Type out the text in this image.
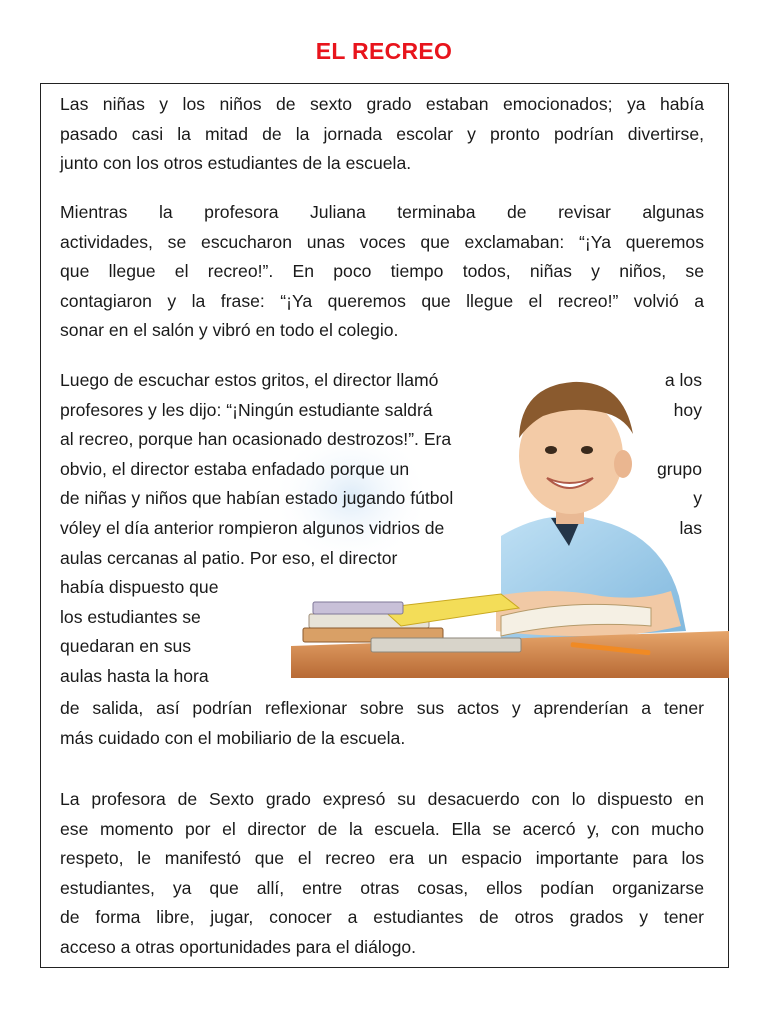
EL RECREO
Las niñas y los niños de sexto grado estaban emocionados; ya había
pasado casi la mitad de la jornada escolar y pronto podrían divertirse,
junto con los otros estudiantes de la escuela.
Mientras la profesora Juliana terminaba de revisar algunas
actividades, se escucharon unas voces que exclamaban: “¡Ya queremos
que llegue el recreo!”. En poco tiempo todos, niñas y niños, se
contagiaron y la frase: “¡Ya queremos que llegue el recreo!” volvió a
sonar en el salón y vibró en todo el colegio.
Luego de escuchar estos gritos, el director llamó	a los
profesores y les dijo: “¡Ningún estudiante saldrá	hoy
al recreo, porque han ocasionado destrozos!”. Era
obvio, el director estaba enfadado porque un	grupo
de niñas y niños que habían estado jugando fútbol	y
vóley el día anterior rompieron algunos vidrios de	las
aulas cercanas al patio. Por eso, el director
había dispuesto que
los estudiantes se
quedaran en sus
aulas hasta la hora
de salida, así podrían reflexionar sobre sus actos y aprenderían a tener
más cuidado con el mobiliario de la escuela.
La profesora de Sexto grado expresó su desacuerdo con lo dispuesto en
ese momento por el director de la escuela. Ella se acercó y, con mucho
respeto, le manifestó que el recreo era un espacio importante para los
estudiantes, ya que allí, entre otras cosas, ellos podían organizarse
de forma libre, jugar, conocer a estudiantes de otros grados y tener
acceso a otras oportunidades para el diálogo.
